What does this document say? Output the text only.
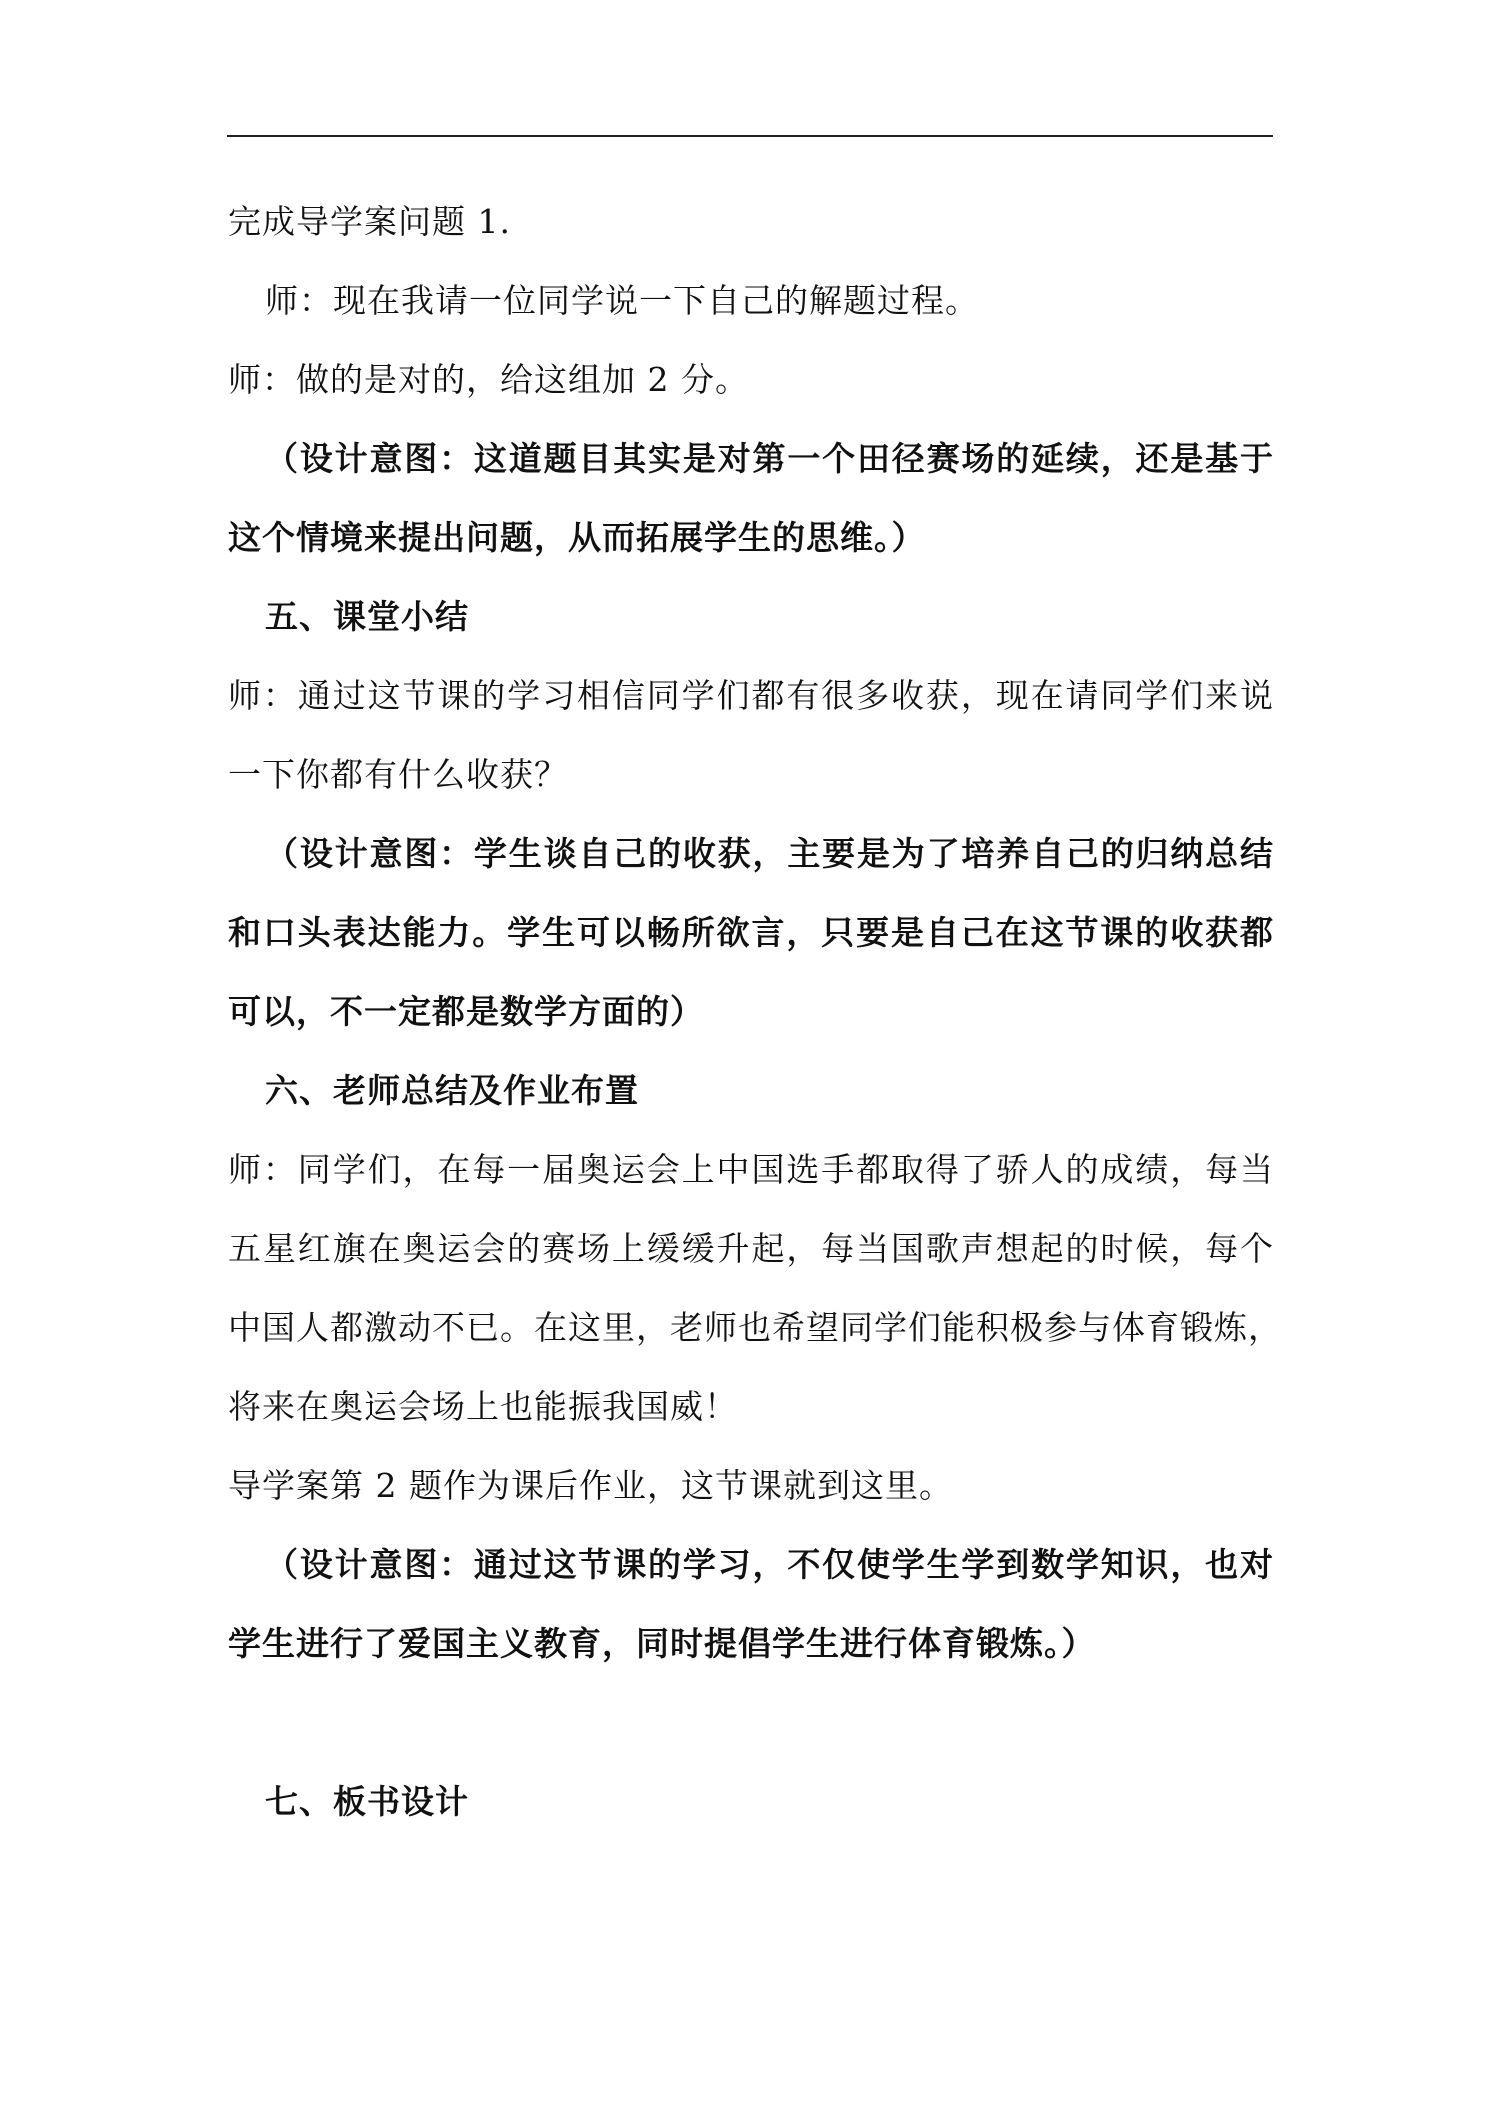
完成导学案问题 1.
师：现在我请一位同学说一下自己的解题过程。
师：做的是对的，给这组加 2 分。
（设计意图：这道题目其实是对第一个田径赛场的延续，还是基于
这个情境来提出问题，从而拓展学生的思维。）
五、课堂小结
师：通过这节课的学习相信同学们都有很多收获，现在请同学们来说
一下你都有什么收获？
（设计意图：学生谈自己的收获，主要是为了培养自己的归纳总结
和口头表达能力。学生可以畅所欲言，只要是自己在这节课的收获都
可以，不一定都是数学方面的）
六、老师总结及作业布置
师：同学们，在每一届奥运会上中国选手都取得了骄人的成绩，每当
五星红旗在奥运会的赛场上缓缓升起，每当国歌声想起的时候，每个
中国人都激动不已。在这里，老师也希望同学们能积极参与体育锻炼，
将来在奥运会场上也能振我国威！
导学案第 2 题作为课后作业，这节课就到这里。
（设计意图：通过这节课的学习，不仅使学生学到数学知识，也对
学生进行了爱国主义教育，同时提倡学生进行体育锻炼。）
七、板书设计
